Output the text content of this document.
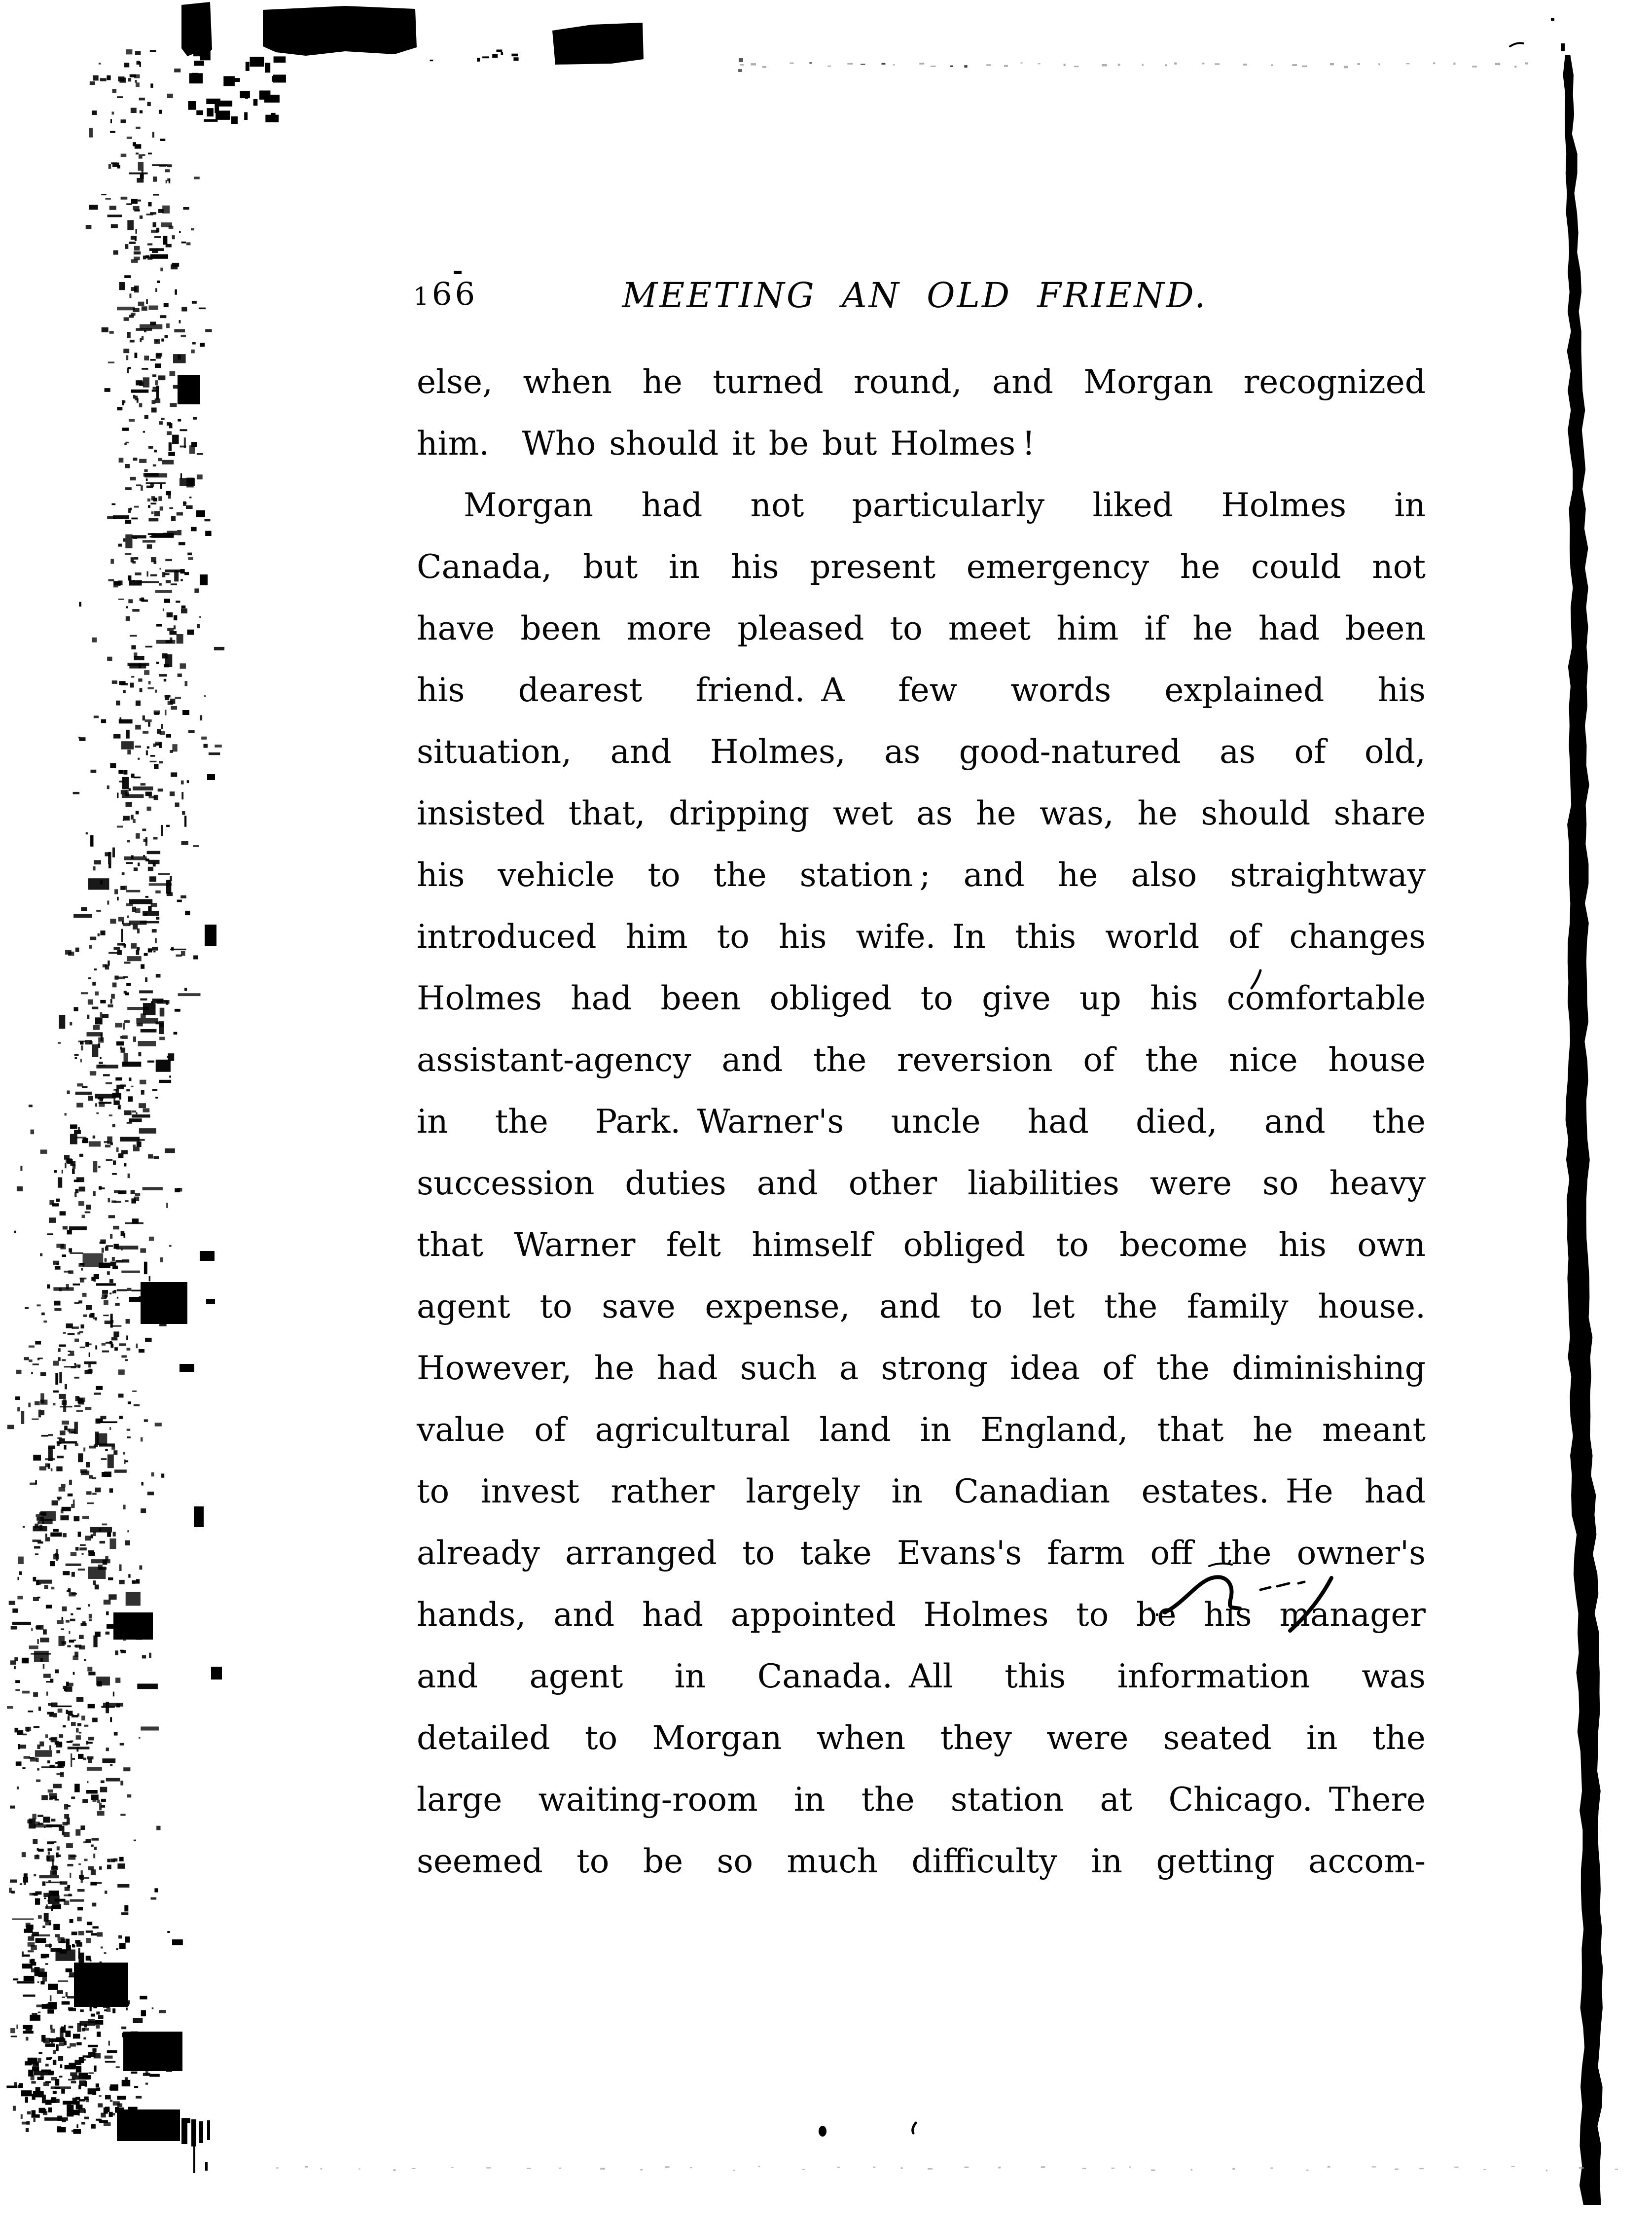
166	MEETING AN OLD FRIEND.
else, when he turned round, and Morgan recognized
him. Who should it be but Holmes !
Morgan had not particularly liked Holmes in
Canada, but in his present emergency he could not
have been more pleased to meet him if he had been
his dearest friend. A few words explained his
situation, and Holmes, as good-natured as of old,
insisted that, dripping wet as he was, he should share
his vehicle to the station ; and he also straightway
introduced him to his wife. In this world of changes
Holmes had been obliged to give up his comfortable
assistant-agency and the reversion of the nice house
in the Park. Warner's uncle had died, and the
succession duties and other liabilities were so heavy
that Warner felt himself obliged to become his own
agent to save expense, and to let the family house.
However, he had such a strong idea of the diminishing
value of agricultural land in England, that he meant
to invest rather largely in Canadian estates. He had
already arranged to take Evans's farm off the owner's
hands, and had appointed Holmes to be his manager
and agent in Canada. All this information was
detailed to Morgan when they were seated in the
large waiting-room in the station at Chicago. There
seemed to be so much difficulty in getting accom-
